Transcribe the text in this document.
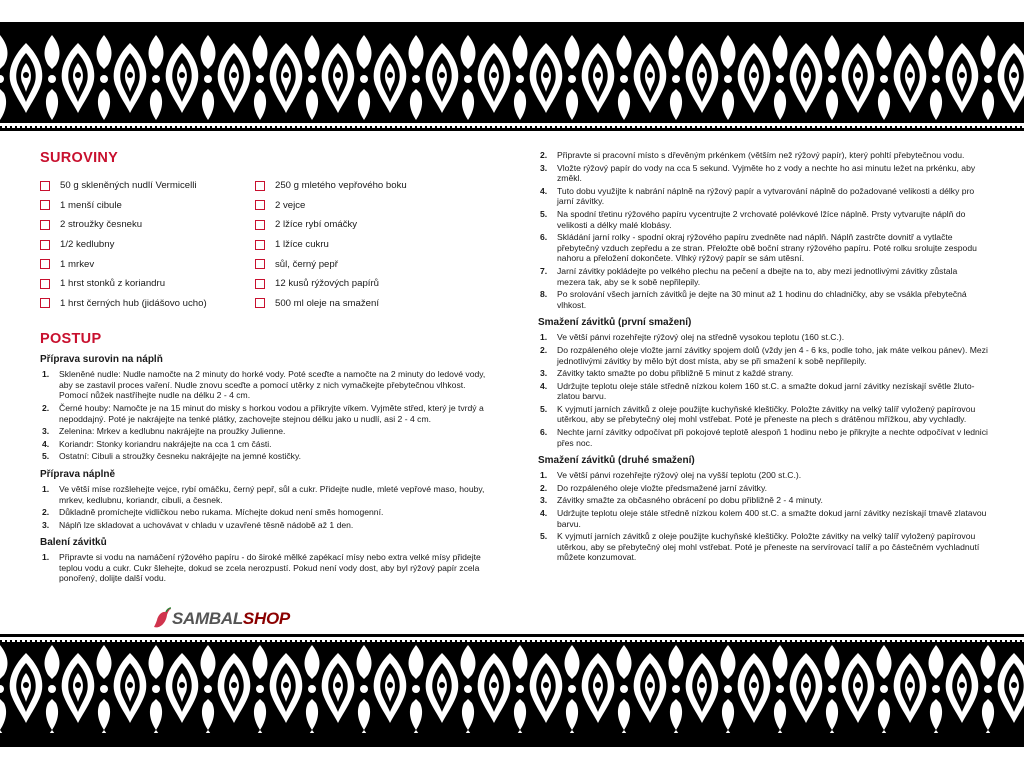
SUROVINY
50 g skleněných nudlí Vermicelli	250 g mletého vepřového boku
1 menší cibule	2 vejce
2 stroužky česneku	2 lžíce rybí omáčky
1/2 kedlubny	1 lžíce cukru
1 mrkev	sůl, černý pepř
1 hrst stonků z koriandru	12 kusů rýžových papírů
1 hrst černých hub (jidášovo ucho)	500 ml oleje na smažení
POSTUP
Příprava surovin na náplň
1. Skleněné nudle: Nudle namočte na 2 minuty do horké vody. Poté sceďte a namočte na 2 minuty do ledové vody, aby se zastavil proces vaření. Nudle znovu sceďte a pomocí utěrky z nich vymačkejte přebytečnou vlhkost. Pomocí nůžek nastříhejte nudle na délku 2 - 4 cm.
2. Černé houby: Namočte je na 15 minut do misky s horkou vodou a přikryjte víkem. Vyjměte střed, který je tvrdý a nepoddajný. Poté je nakrájejte na tenké plátky, zachovejte stejnou délku jako u nudlí, asi 2 - 4 cm.
3. Zelenina: Mrkev a kedlubnu nakrájejte na proužky Julienne.
4. Koriandr: Stonky koriandru nakrájejte na cca 1 cm části.
5. Ostatní: Cibuli a stroužky česneku nakrájejte na jemné kostičky.
Příprava náplně
1. Ve větší míse rozšlehejte vejce, rybí omáčku, černý pepř, sůl a cukr. Přidejte nudle, mleté vepřové maso, houby, mrkev, kedlubnu, koriandr, cibuli, a česnek.
2. Důkladně promíchejte vidličkou nebo rukama. Míchejte dokud není směs homogenní.
3. Náplň lze skladovat a uchovávat v chladu v uzavřené těsně nádobě až 1 den.
Balení závitků
1. Připravte si vodu na namáčení rýžového papíru - do široké mělké zapékací mísy nebo extra velké mísy přidejte teplou vodu a cukr. Cukr šlehejte, dokud se zcela nerozpustí. Pokud není vody dost, aby byl rýžový papír zcela ponořený, dolijte další vodu.
2. Připravte si pracovní místo s dřevěným prkénkem (větším než rýžový papír), který pohltí přebytečnou vodu.
3. Vložte rýžový papír do vody na cca 5 sekund. Vyjměte ho z vody a nechte ho asi minutu ležet na prkénku, aby změkl.
4. Tuto dobu využijte k nabrání náplně na rýžový papír a vytvarování náplně do požadované velikosti a délky pro jarní závitky.
5. Na spodní třetinu rýžového papíru vycentrujte 2 vrchovaté polévkové lžíce náplně. Prsty vytvarujte náplň do velikosti a délky malé klobásy.
6. Skládání jarní rolky - spodní okraj rýžového papíru zvedněte nad náplň. Náplň zastrčte dovnitř a vytlačte přebytečný vzduch zepředu a ze stran. Přeložte obě boční strany rýžového papíru. Poté rolku srolujte zespodu nahoru a přeložení dokončete. Vlhký rýžový papír se sám utěsní.
7. Jarní závitky pokládejte po velkého plechu na pečení a dbejte na to, aby mezi jednotlivými závitky zůstala mezera tak, aby se k sobě nepřilepily.
8. Po srolování všech jarních závitků je dejte na 30 minut až 1 hodinu do chladničky, aby se vsákla přebytečná vlhkost.
Smažení závitků (první smažení)
1. Ve větší pánvi rozehřejte rýžový olej na středně vysokou teplotu (160 st.C.).
2. Do rozpáleného oleje vložte jarní závitky spojem dolů (vždy jen 4 - 6 ks, podle toho, jak máte velkou pánev). Mezi jednotlivými závitky by mělo být dost místa, aby se při smažení k sobě nepřilepily.
3. Závitky takto smažte po dobu přibližně 5 minut z každé strany.
4. Udržujte teplotu oleje stále středně nízkou kolem 160 st.C. a smažte dokud jarní závitky nezískají světle žluto-zlatou barvu.
5. K vyjmutí jarních závitků z oleje použijte kuchyňské kleštičky. Položte závitky na velký talíř vyložený papírovou utěrkou, aby se přebytečný olej mohl vstřebat. Poté je přeneste na plech s drátěnou mřížkou, aby vychladly.
6. Nechte jarní závitky odpočívat při pokojové teplotě alespoň 1 hodinu nebo je přikryjte a nechte odpočívat v lednici přes noc.
Smažení závitků (druhé smažení)
1. Ve větší pánvi rozehřejte rýžový olej na vyšší teplotu (200 st.C.).
2. Do rozpáleného oleje vložte předsmažené jarní závitky.
3. Závitky smažte za občasného obrácení po dobu přibližně 2 - 4 minuty.
4. Udržujte teplotu oleje stále středně nízkou kolem 400 st.C. a smažte dokud jarní závitky nezískají tmavě zlatavou barvu.
5. K vyjmutí jarních závitků z oleje použijte kuchyňské kleštičky. Položte závitky na velký talíř vyložený papírovou utěrkou, aby se přebytečný olej mohl vstřebat. Poté je přeneste na servírovací talíř a po částečném vychladnutí můžete konzumovat.
SAMBALSHOP
